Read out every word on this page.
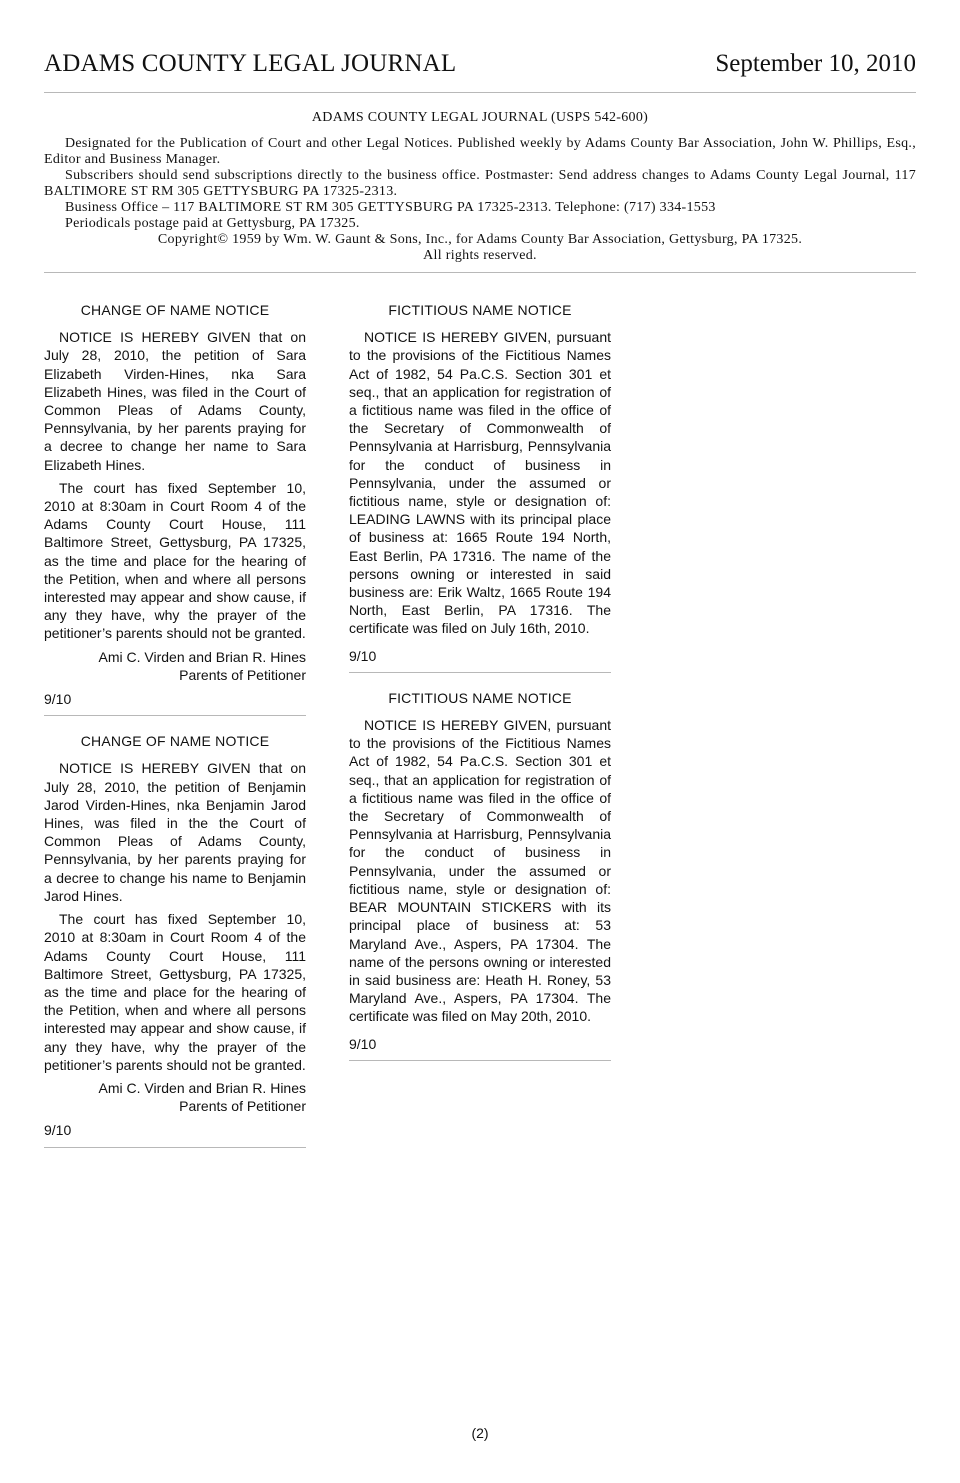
ADAMS COUNTY LEGAL JOURNAL	September 10, 2010
ADAMS COUNTY LEGAL JOURNAL (USPS 542-600)
Designated for the Publication of Court and other Legal Notices. Published weekly by Adams County Bar Association, John W. Phillips, Esq., Editor and Business Manager.
Subscribers should send subscriptions directly to the business office. Postmaster: Send address changes to Adams County Legal Journal, 117 BALTIMORE ST RM 305 GETTYSBURG PA 17325-2313.
Business Office – 117 BALTIMORE ST RM 305 GETTYSBURG PA 17325-2313. Telephone: (717) 334-1553
Periodicals postage paid at Gettysburg, PA 17325.
Copyright© 1959 by Wm. W. Gaunt & Sons, Inc., for Adams County Bar Association, Gettysburg, PA 17325.
All rights reserved.

CHANGE OF NAME NOTICE

NOTICE IS HEREBY GIVEN that on July 28, 2010, the petition of Sara Elizabeth Virden-Hines, nka Sara Elizabeth Hines, was filed in the Court of Common Pleas of Adams County, Pennsylvania, by her parents praying for a decree to change her name to Sara Elizabeth Hines.

The court has fixed September 10, 2010 at 8:30am in Court Room 4 of the Adams County Court House, 111 Baltimore Street, Gettysburg, PA 17325, as the time and place for the hearing of the Petition, when and where all persons interested may appear and show cause, if any they have, why the prayer of the petitioner’s parents should not be granted.

Ami C. Virden and Brian R. Hines

Parents of Petitioner

9/10

CHANGE OF NAME NOTICE

NOTICE IS HEREBY GIVEN that on July 28, 2010, the petition of Benjamin Jarod Virden-Hines, nka Benjamin Jarod Hines, was filed in the the Court of Common Pleas of Adams County, Pennsylvania, by her parents praying for a decree to change his name to Benjamin Jarod Hines.

The court has fixed September 10, 2010 at 8:30am in Court Room 4 of the Adams County Court House, 111 Baltimore Street, Gettysburg, PA 17325, as the time and place for the hearing of the Petition, when and where all persons interested may appear and show cause, if any they have, why the prayer of the petitioner’s parents should not be granted.

Ami C. Virden and Brian R. Hines

Parents of Petitioner

9/10

FICTITIOUS NAME NOTICE

NOTICE IS HEREBY GIVEN, pursuant to the provisions of the Fictitious Names Act of 1982, 54 Pa.C.S. Section 301 et seq., that an application for registration of a fictitious name was filed in the office of the Secretary of Commonwealth of Pennsylvania at Harrisburg, Pennsylvania for the conduct of business in Pennsylvania, under the assumed or fictitious name, style or designation of: LEADING LAWNS with its principal place of business at: 1665 Route 194 North, East Berlin, PA 17316. The name of the persons owning or interested in said business are: Erik Waltz, 1665 Route 194 North, East Berlin, PA 17316. The certificate was filed on July 16th, 2010.

9/10

FICTITIOUS NAME NOTICE

NOTICE IS HEREBY GIVEN, pursuant to the provisions of the Fictitious Names Act of 1982, 54 Pa.C.S. Section 301 et seq., that an application for registration of a fictitious name was filed in the office of the Secretary of Commonwealth of Pennsylvania at Harrisburg, Pennsylvania for the conduct of business in Pennsylvania, under the assumed or fictitious name, style or designation of: BEAR MOUNTAIN STICKERS with its principal place of business at: 53 Maryland Ave., Aspers, PA 17304. The name of the persons owning or interested in said business are: Heath H. Roney, 53 Maryland Ave., Aspers, PA 17304. The certificate was filed on May 20th, 2010.

9/10

(2)
